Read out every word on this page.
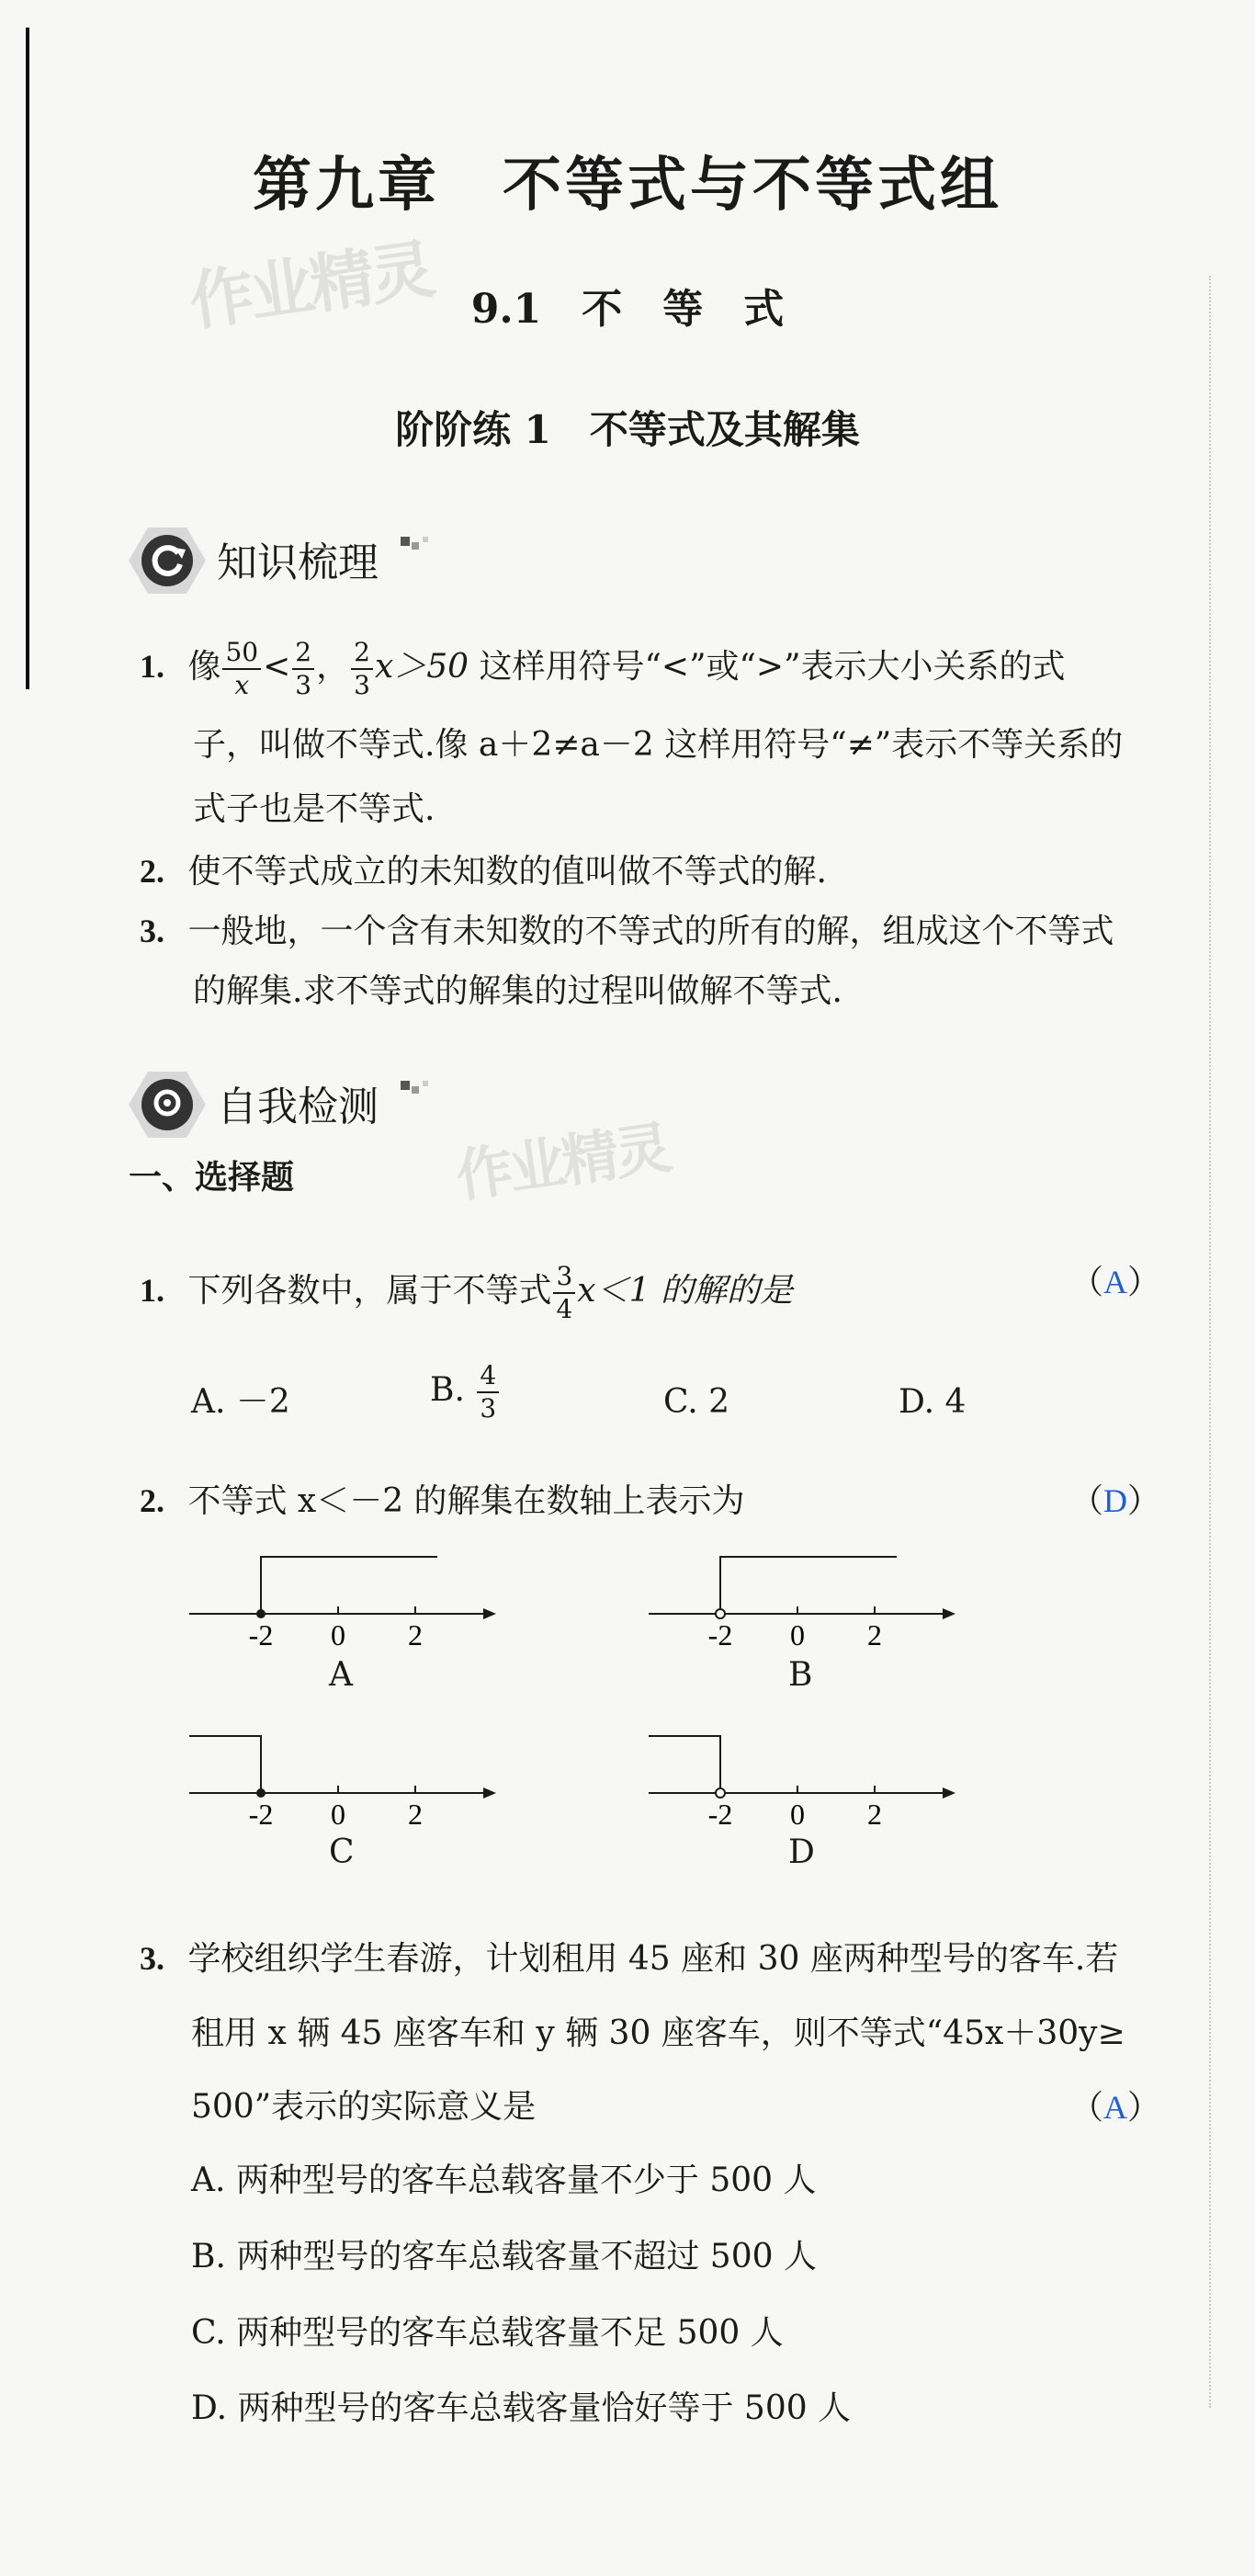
第九章　不等式与不等式组
作业精灵 9.1　不　等　式
阶阶练 1　不等式及其解集
知识梳理
1. 像 $\frac{50}{x} < \frac{2}{3}$ ， $\frac{2}{3} x>50$ 这样用符号“<”或“>”表示大小关系的式
子，叫做不等式.像 a＋2≠a－2 这样用符号“≠”表示不等关系的
式子也是不等式.
2. 使不等式成立的未知数的值叫做不等式的解.
3. 一般地，一个含有未知数的不等式的所有的解，组成这个不等式
的解集.求不等式的解集的过程叫做解不等式.
自我检测
作业精灵
一、选择题
1. 下列各数中，属于不等式 $\frac{3}{4} x<1$ 的解的是	（A）
A. －2	B. $\frac{4}{3}$	C. 2	D. 4
2. 不等式 x＜－2 的解集在数轴上表示为	（D）
-2 0 2
A
-2 0 2
B
-2 0 2
C
-2 0 2
D
3. 学校组织学生春游，计划租用 45 座和 30 座两种型号的客车.若
租用 x 辆 45 座客车和 y 辆 30 座客车，则不等式“45x＋30y≥
500”表示的实际意义是	（A）
A. 两种型号的客车总载客量不少于 500 人
B. 两种型号的客车总载客量不超过 500 人
C. 两种型号的客车总载客量不足 500 人
D. 两种型号的客车总载客量恰好等于 500 人
